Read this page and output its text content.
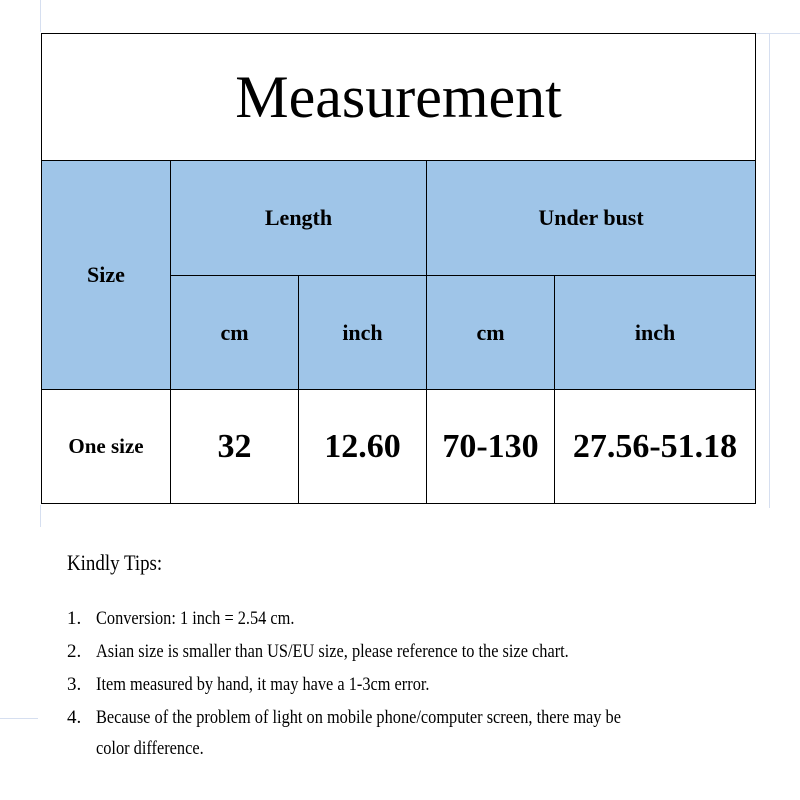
Measurement				
Size	Length		Under bust	
	cm	inch	cm	inch
One size	32	12.60	70-130	27.56-51.18
Kindly Tips:
1. Conversion: 1 inch = 2.54 cm.
2. Asian size is smaller than US/EU size, please reference to the size chart.
3. Item measured by hand, it may have a 1-3cm error.
4. Because of the problem of light on mobile phone/computer screen, there may be
color difference.
